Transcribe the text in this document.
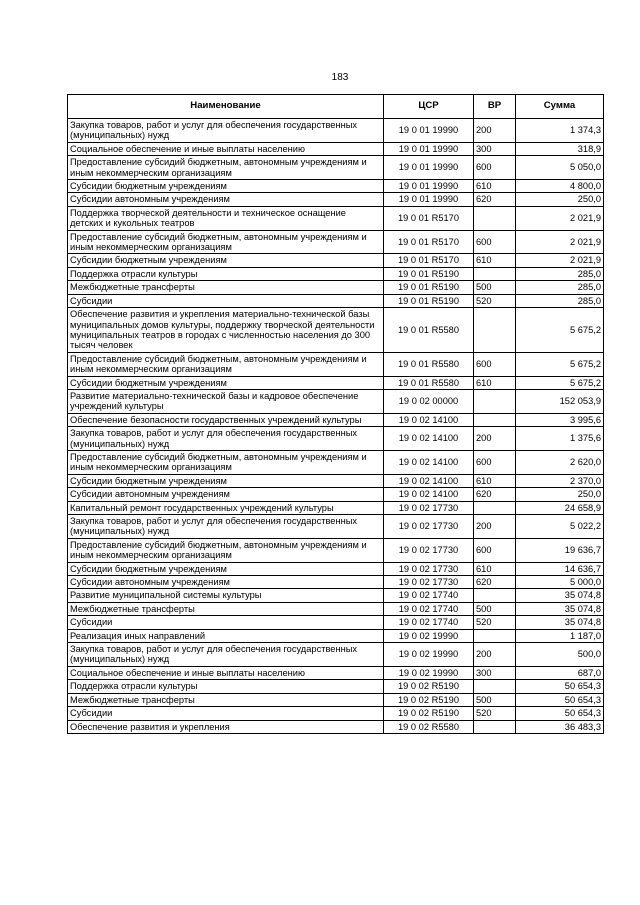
183
Наименование	ЦСР	ВР	Сумма
Закупка товаров, работ и услуг для обеспечения государственных (муниципальных) нужд	19 0 01 19990	200	1 374,3
Социальное обеспечение и иные выплаты населению	19 0 01 19990	300	318,9
Предоставление субсидий бюджетным, автономным учреждениям и иным некоммерческим организациям	19 0 01 19990	600	5 050,0
Субсидии бюджетным учреждениям	19 0 01 19990	610	4 800,0
Субсидии автономным учреждениям	19 0 01 19990	620	250,0
Поддержка творческой деятельности и техническое оснащение детских и кукольных театров	19 0 01 R5170		2 021,9
Предоставление субсидий бюджетным, автономным учреждениям и иным некоммерческим организациям	19 0 01 R5170	600	2 021,9
Субсидии бюджетным учреждениям	19 0 01 R5170	610	2 021,9
Поддержка отрасли культуры	19 0 01 R5190		285,0
Межбюджетные трансферты	19 0 01 R5190	500	285,0
Субсидии	19 0 01 R5190	520	285,0
Обеспечение развития и укрепления материально-технической базы муниципальных домов культуры, поддержку творческой деятельности муниципальных театров в городах с численностью населения до 300 тысяч человек	19 0 01 R5580		5 675,2
Предоставление субсидий бюджетным, автономным учреждениям и иным некоммерческим организациям	19 0 01 R5580	600	5 675,2
Субсидии бюджетным учреждениям	19 0 01 R5580	610	5 675,2
Развитие материально-технической базы и кадровое обеспечение учреждений культуры	19 0 02 00000		152 053,9
Обеспечение безопасности государственных учреждений культуры	19 0 02 14100		3 995,6
Закупка товаров, работ и услуг для обеспечения государственных (муниципальных) нужд	19 0 02 14100	200	1 375,6
Предоставление субсидий бюджетным, автономным учреждениям и иным некоммерческим организациям	19 0 02 14100	600	2 620,0
Субсидии бюджетным учреждениям	19 0 02 14100	610	2 370,0
Субсидии автономным учреждениям	19 0 02 14100	620	250,0
Капитальный ремонт государственных учреждений культуры	19 0 02 17730		24 658,9
Закупка товаров, работ и услуг для обеспечения государственных (муниципальных) нужд	19 0 02 17730	200	5 022,2
Предоставление субсидий бюджетным, автономным учреждениям и иным некоммерческим организациям	19 0 02 17730	600	19 636,7
Субсидии бюджетным учреждениям	19 0 02 17730	610	14 636,7
Субсидии автономным учреждениям	19 0 02 17730	620	5 000,0
Развитие муниципальной системы культуры	19 0 02 17740		35 074,8
Межбюджетные трансферты	19 0 02 17740	500	35 074,8
Субсидии	19 0 02 17740	520	35 074,8
Реализация иных направлений	19 0 02 19990		1 187,0
Закупка товаров, работ и услуг для обеспечения государственных (муниципальных) нужд	19 0 02 19990	200	500,0
Социальное обеспечение и иные выплаты населению	19 0 02 19990	300	687,0
Поддержка отрасли культуры	19 0 02 R5190		50 654,3
Межбюджетные трансферты	19 0 02 R5190	500	50 654,3
Субсидии	19 0 02 R5190	520	50 654,3
Обеспечение развития и укрепления	19 0 02 R5580		36 483,3
